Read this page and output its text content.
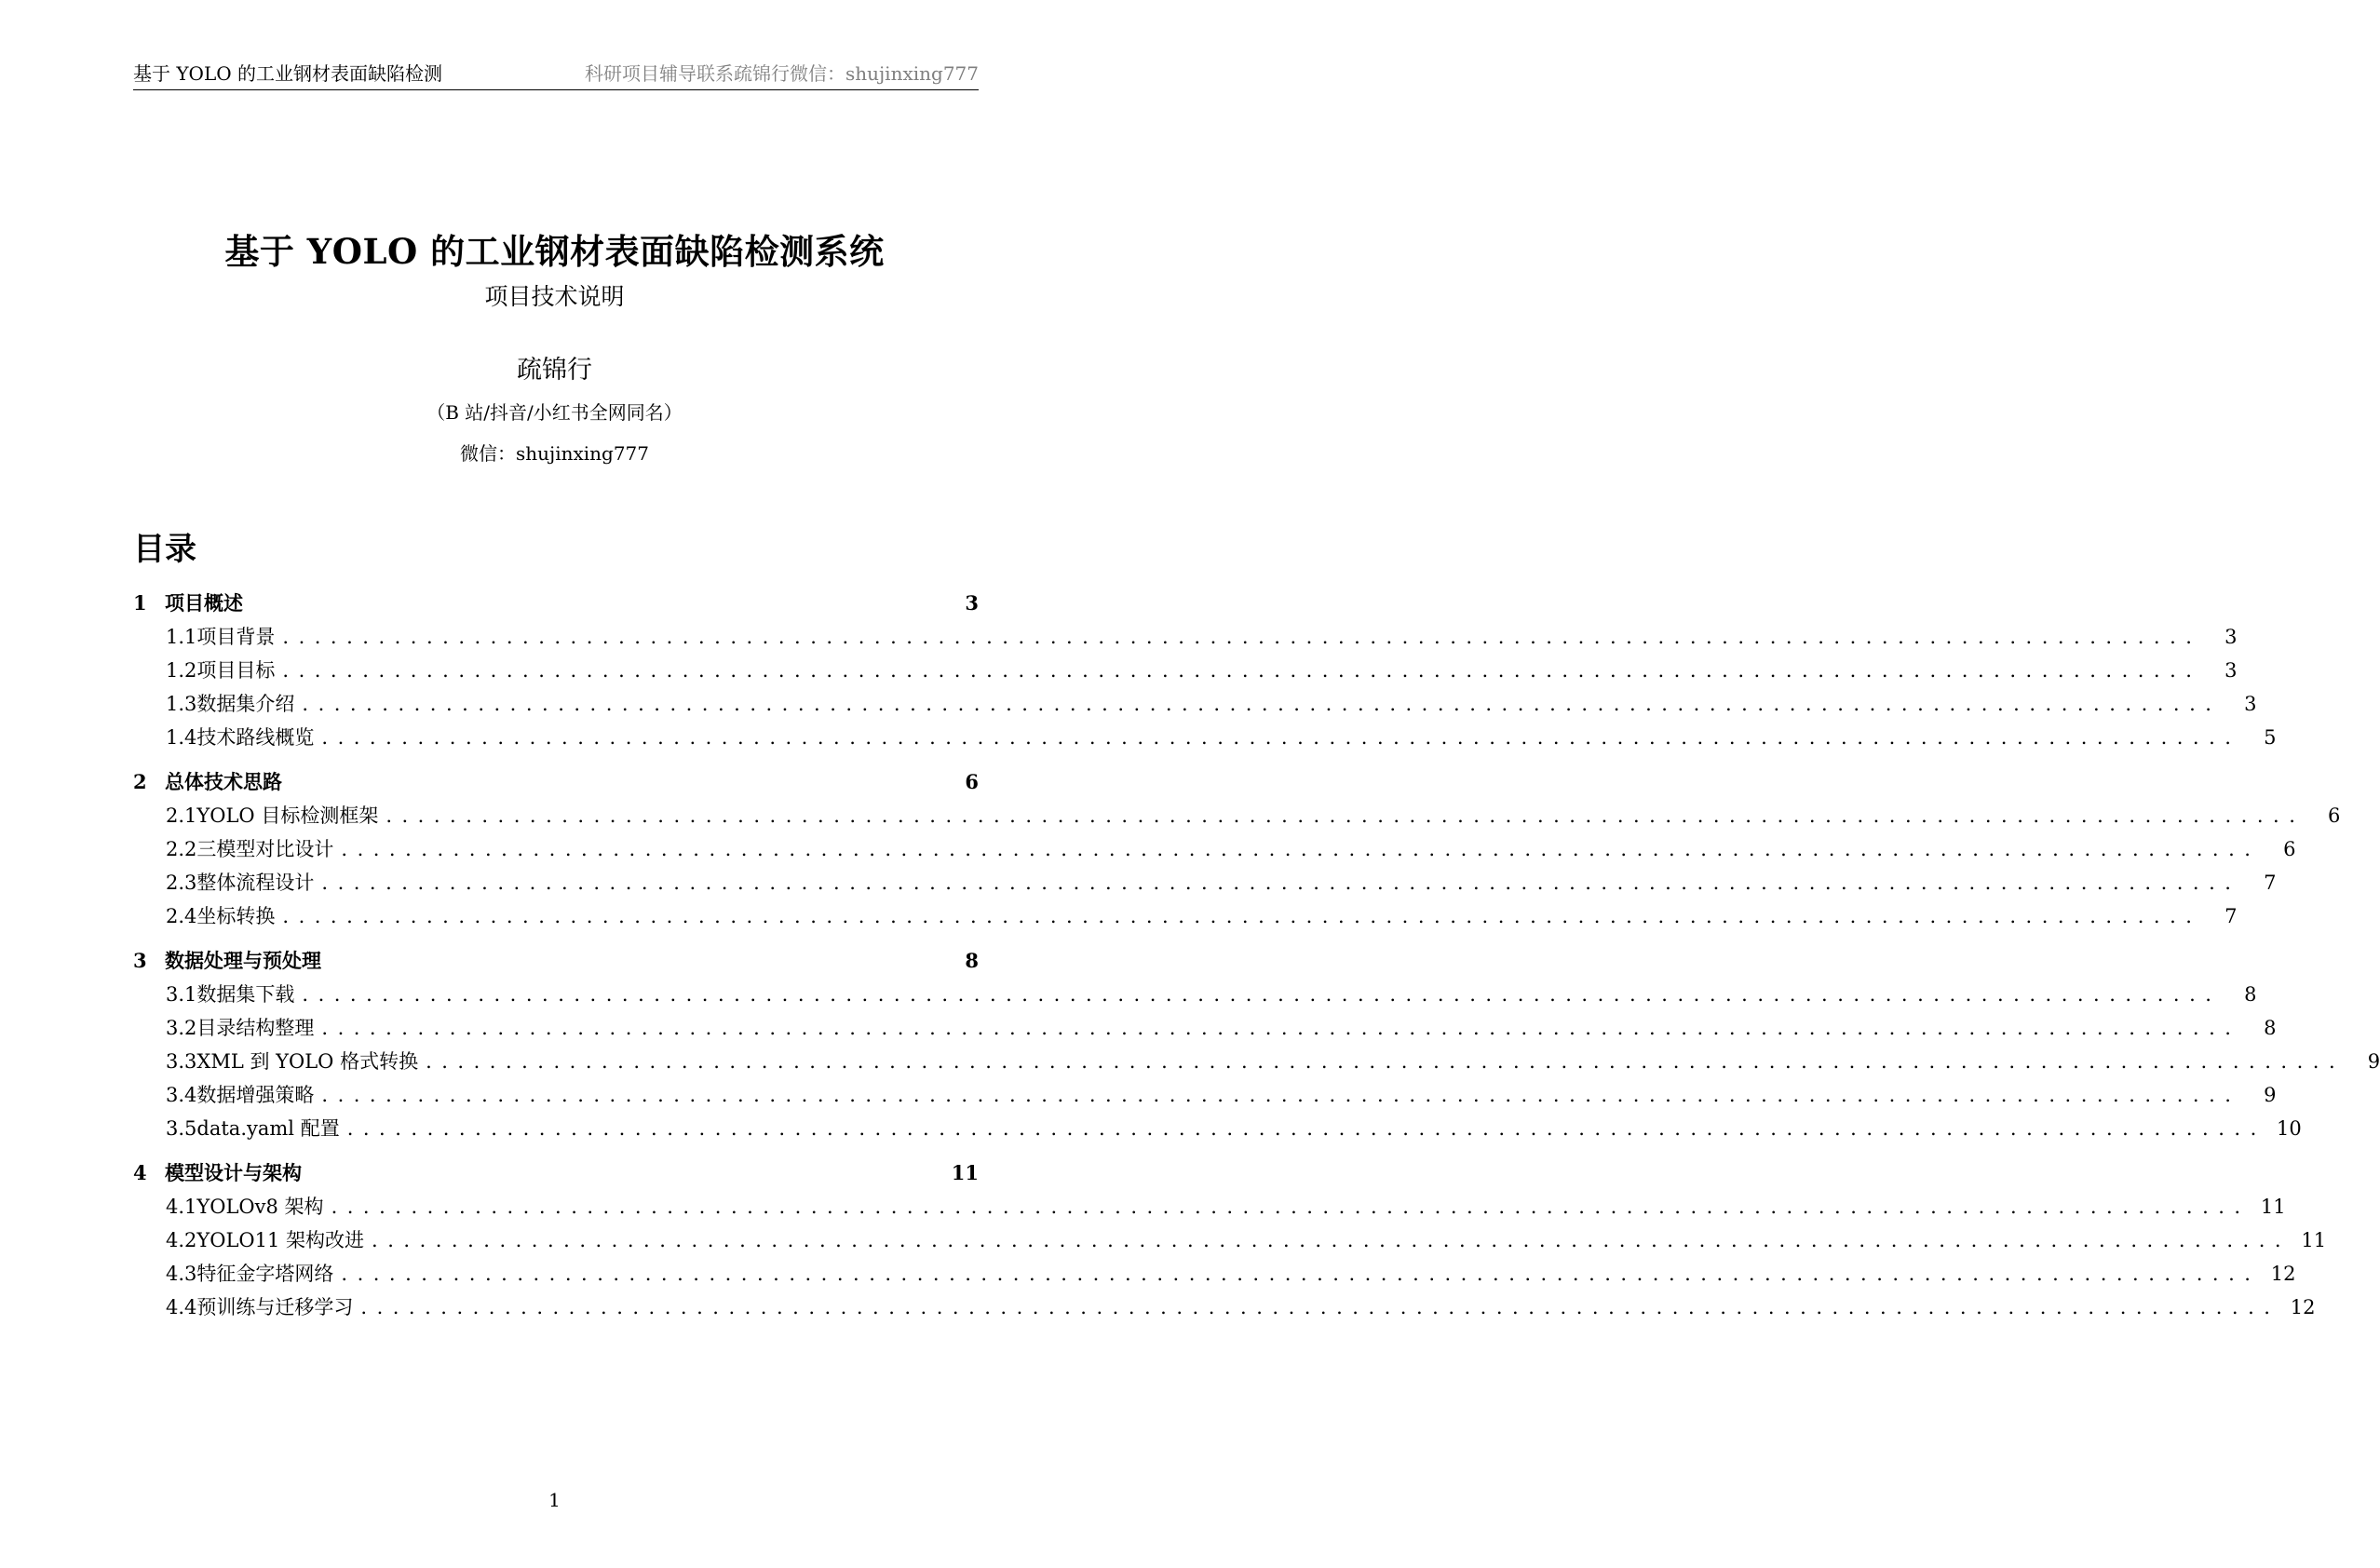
基于 YOLO 的工业钢材表面缺陷检测	科研项目辅导联系疏锦行微信：shujinxing777
基于 YOLO 的工业钢材表面缺陷检测系统
项目技术说明
疏锦行
（B 站/抖音/小红书全网同名）
微信：shujinxing777
目录
1 项目概述	3
1.1 项目背景 ........................................................................................................................	3
1.2 项目目标 ........................................................................................................................	3
1.3 数据集介绍 ........................................................................................................................	3
1.4 技术路线概览 ........................................................................................................................	5
2 总体技术思路	6
2.1 YOLO 目标检测框架 ........................................................................................................................	6
2.2 三模型对比设计 ........................................................................................................................	6
2.3 整体流程设计 ........................................................................................................................	7
2.4 坐标转换 ........................................................................................................................	7
3 数据处理与预处理	8
3.1 数据集下载 ........................................................................................................................	8
3.2 目录结构整理 ........................................................................................................................	8
3.3 XML 到 YOLO 格式转换 ........................................................................................................................	9
3.4 数据增强策略 ........................................................................................................................	9
3.5 data.yaml 配置 ........................................................................................................................ 10
4 模型设计与架构	11
4.1 YOLOv8 架构 ........................................................................................................................ 11
4.2 YOLO11 架构改进 ........................................................................................................................ 11
4.3 特征金字塔网络 ........................................................................................................................ 12
4.4 预训练与迁移学习 ........................................................................................................................ 12
1
